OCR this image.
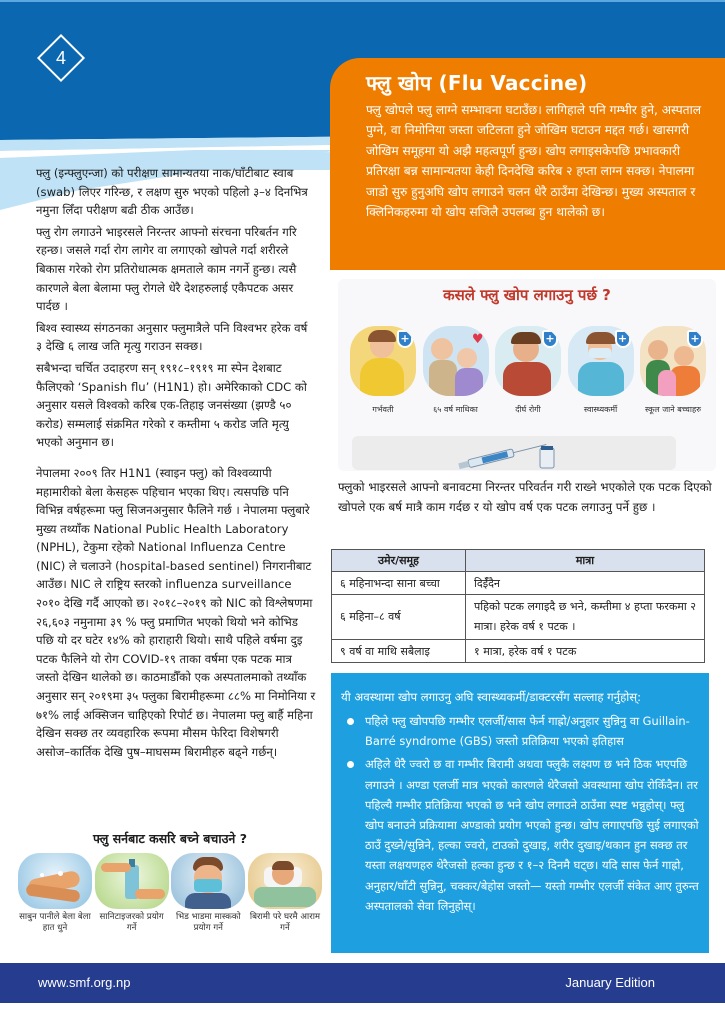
4
फ्लु खोप (Flu Vaccine)

फ्लु खोपले फ्लु लाग्ने सम्भावना घटाउँछ। लागिहाले पनि गम्भीर हुने, अस्पताल पुग्ने, वा निमोनिया जस्ता जटिलता हुने जोखिम घटाउन मद्दत गर्छ। खासगरी जोखिम समूहमा यो अझै महत्वपूर्ण हुन्छ। खोप लगाइसकेपछि प्रभावकारी प्रतिरक्षा बन्न सामान्यतया केही दिनदेखि करिब २ हप्ता लाग्न सक्छ। नेपालमा जाडो सुरु हुनुअघि खोप लगाउने चलन धेरै ठाउँमा देखिन्छ। मुख्य अस्पताल र क्लिनिकहरुमा यो खोप सजिलै उपलब्ध हुन थालेको छ।

फ्लु (इन्फ्लुएन्जा) को परीक्षण सामान्यतया नाक/घाँटीबाट स्वाब (swab) लिएर गरिन्छ, र लक्षण सुरु भएको पहिलो ३–४ दिनभित्र नमुना लिँदा परीक्षण बढी ठीक आउँछ।

फ्लु रोग लगाउने भाइरसले निरन्तर आफ्नो संरचना परिबर्तन गरि रहन्छ। जसले गर्दा रोग लागेर वा लगाएको खोपले गर्दा शरीरले बिकास गरेको रोग प्रतिरोधात्मक क्षमताले काम नगर्ने हुन्छ। त्यसै कारणले बेला बेलामा फ्लु रोगले धेरै देशहरुलाई एकैपटक असर पार्दछ ।

बिश्व स्वास्थ्य संगठनका अनुसार फ्लुमात्रैले पनि विश्वभर हरेक वर्ष ३ देखि ६ लाख जति मृत्यु गराउन सक्छ।

सबैभन्दा चर्चित उदाहरण सन् १९१८–१९१९ मा स्पेन देशबाट फैलिएको ‘Spanish flu’ (H1N1) हो। अमेरिकाको CDC को अनुसार यसले विश्वको करिब एक-तिहाइ जनसंख्या (झण्डै ५० करोड) सम्मलाई संक्रमित गरेको र कम्तीमा ५ करोड जति मृत्यु भएको अनुमान छ।

नेपालमा २००९ तिर H1N1 (स्वाइन फ्लु) को विश्वव्यापी महामारीको बेला केसहरू पहिचान भएका थिए। त्यसपछि पनि विभिन्न वर्षहरूमा फ्लु सिजनअनुसार फैलिने गर्छ । नेपालमा फ्लुबारे मुख्य तथ्याँक National Public Health Laboratory (NPHL), टेकुमा रहेको National Influenza Centre (NIC) ले चलाउने (hospital-based sentinel) निगरानीबाट आउँछ। NIC ले राष्ट्रिय स्तरको influenza surveillance २०१० देखि गर्दै आएको छ। २०१८–२०१९ को NIC को विश्लेषणमा २६,६०३ नमुनामा ३९ % फ्लु प्रमाणित भएको थियो भने कोभिड पछि यो दर घटेर १४% को हाराहारी थियो। साथै पहिले वर्षमा दुइ पटक फैलिने यो रोग COVID-१९ ताका वर्षमा एक पटक मात्र जस्तो देखिन थालेको छ। काठमाडौँको एक अस्पतालमाको तथ्याँक अनुसार सन् २०१९मा ३५ फ्लुका बिरामीहरूमा ८८% मा निमोनिया र ७१% लाई अक्सिजन चाहिएको रिपोर्ट छ। नेपालमा फ्लु बार्है महिना देखिन सक्छ तर व्यवहारिक रूपमा मौसम फेरिदा विशेषगरी असोज–कार्तिक देखि पुष–माघसम्म बिरामीहरु बढ्ने गर्छन्।

फ्लु सर्नबाट कसरि बच्ने बचाउने ?
साबुन पानीले बेला बेला हात धुने
सानिटाइजरको प्रयोग गर्ने
भिड भाडमा मास्कको प्रयोग गर्ने
बिरामी परे घरमै आराम गर्ने
कसले फ्लु खोप लगाउनु पर्छ ?
+
गर्भवती
♥
६५ वर्ष माथिका
+
दीर्घ रोगी
+
स्वास्थ्यकर्मी
+
स्कूल जाने बच्चाहरु

फ्लुको भाइरसले आफ्नो बनावटमा निरन्तर परिवर्तन गरी राख्ने भएकोले एक पटक दिएको खोपले एक बर्ष मात्रै काम गर्दछ र यो खोप वर्ष एक पटक लगाउनु पर्ने हुछ ।

उमेर/समूह	मात्रा
६ महिनाभन्दा साना बच्चा	दिईँदैन
६ महिना–८ वर्ष	पहिको पटक लगाइदै छ भने, कम्तीमा ४ हप्ता फरकमा २ मात्रा। हरेक वर्ष १ पटक ।
९ वर्ष वा माथि सबैलाइ	१ मात्रा, हरेक वर्ष १ पटक

यी अवस्थामा खोप लगाउनु अघि स्वास्थ्यकर्मी/डाक्टरसँग सल्लाह गर्नुहोस्:

पहिले फ्लु खोपपछि गम्भीर एलर्जी/सास फेर्न गाह्रो/अनुहार सुन्निनु वा Guillain-Barré syndrome (GBS) जस्तो प्रतिक्रिया भएको इतिहास
अहिले धेरै ज्वरो छ वा गम्भीर बिरामी अथवा फ्लुकै लक्ष्यण छ भने ठिक भएपछि लगाउने । अण्डा एलर्जी मात्र भएको कारणले थेरैजसो अवस्थामा खोप रोकिँदैन। तर पहिल्यै गम्भीर प्रतिक्रिया भएको छ भने खोप लगाउने ठाउँमा स्पष्ट भन्नुहोस्। फ्लु खोप बनाउने प्रक्रियामा अण्डाको प्रयोग भएको हुन्छ। खोप लगाएपछि सुई लगाएको ठाउँ दुख्ने/सुन्निने, हल्का ज्वरो, टाउको दुखाइ, शरीर दुखाइ/थकान हुन सक्छ तर यस्ता लक्षयणहरु थेरैजसो हल्का हुन्छ र १–२ दिनमै घट्छ। यदि सास फेर्न गाह्रो, अनुहार/घाँटी सुन्निनु, चक्कर/बेहोस जस्तो— यस्तो गम्भीर एलर्जी संकेत आए तुरुन्त अस्पतालको सेवा लिनुहोस्।
www.smf.org.np	January Edition
